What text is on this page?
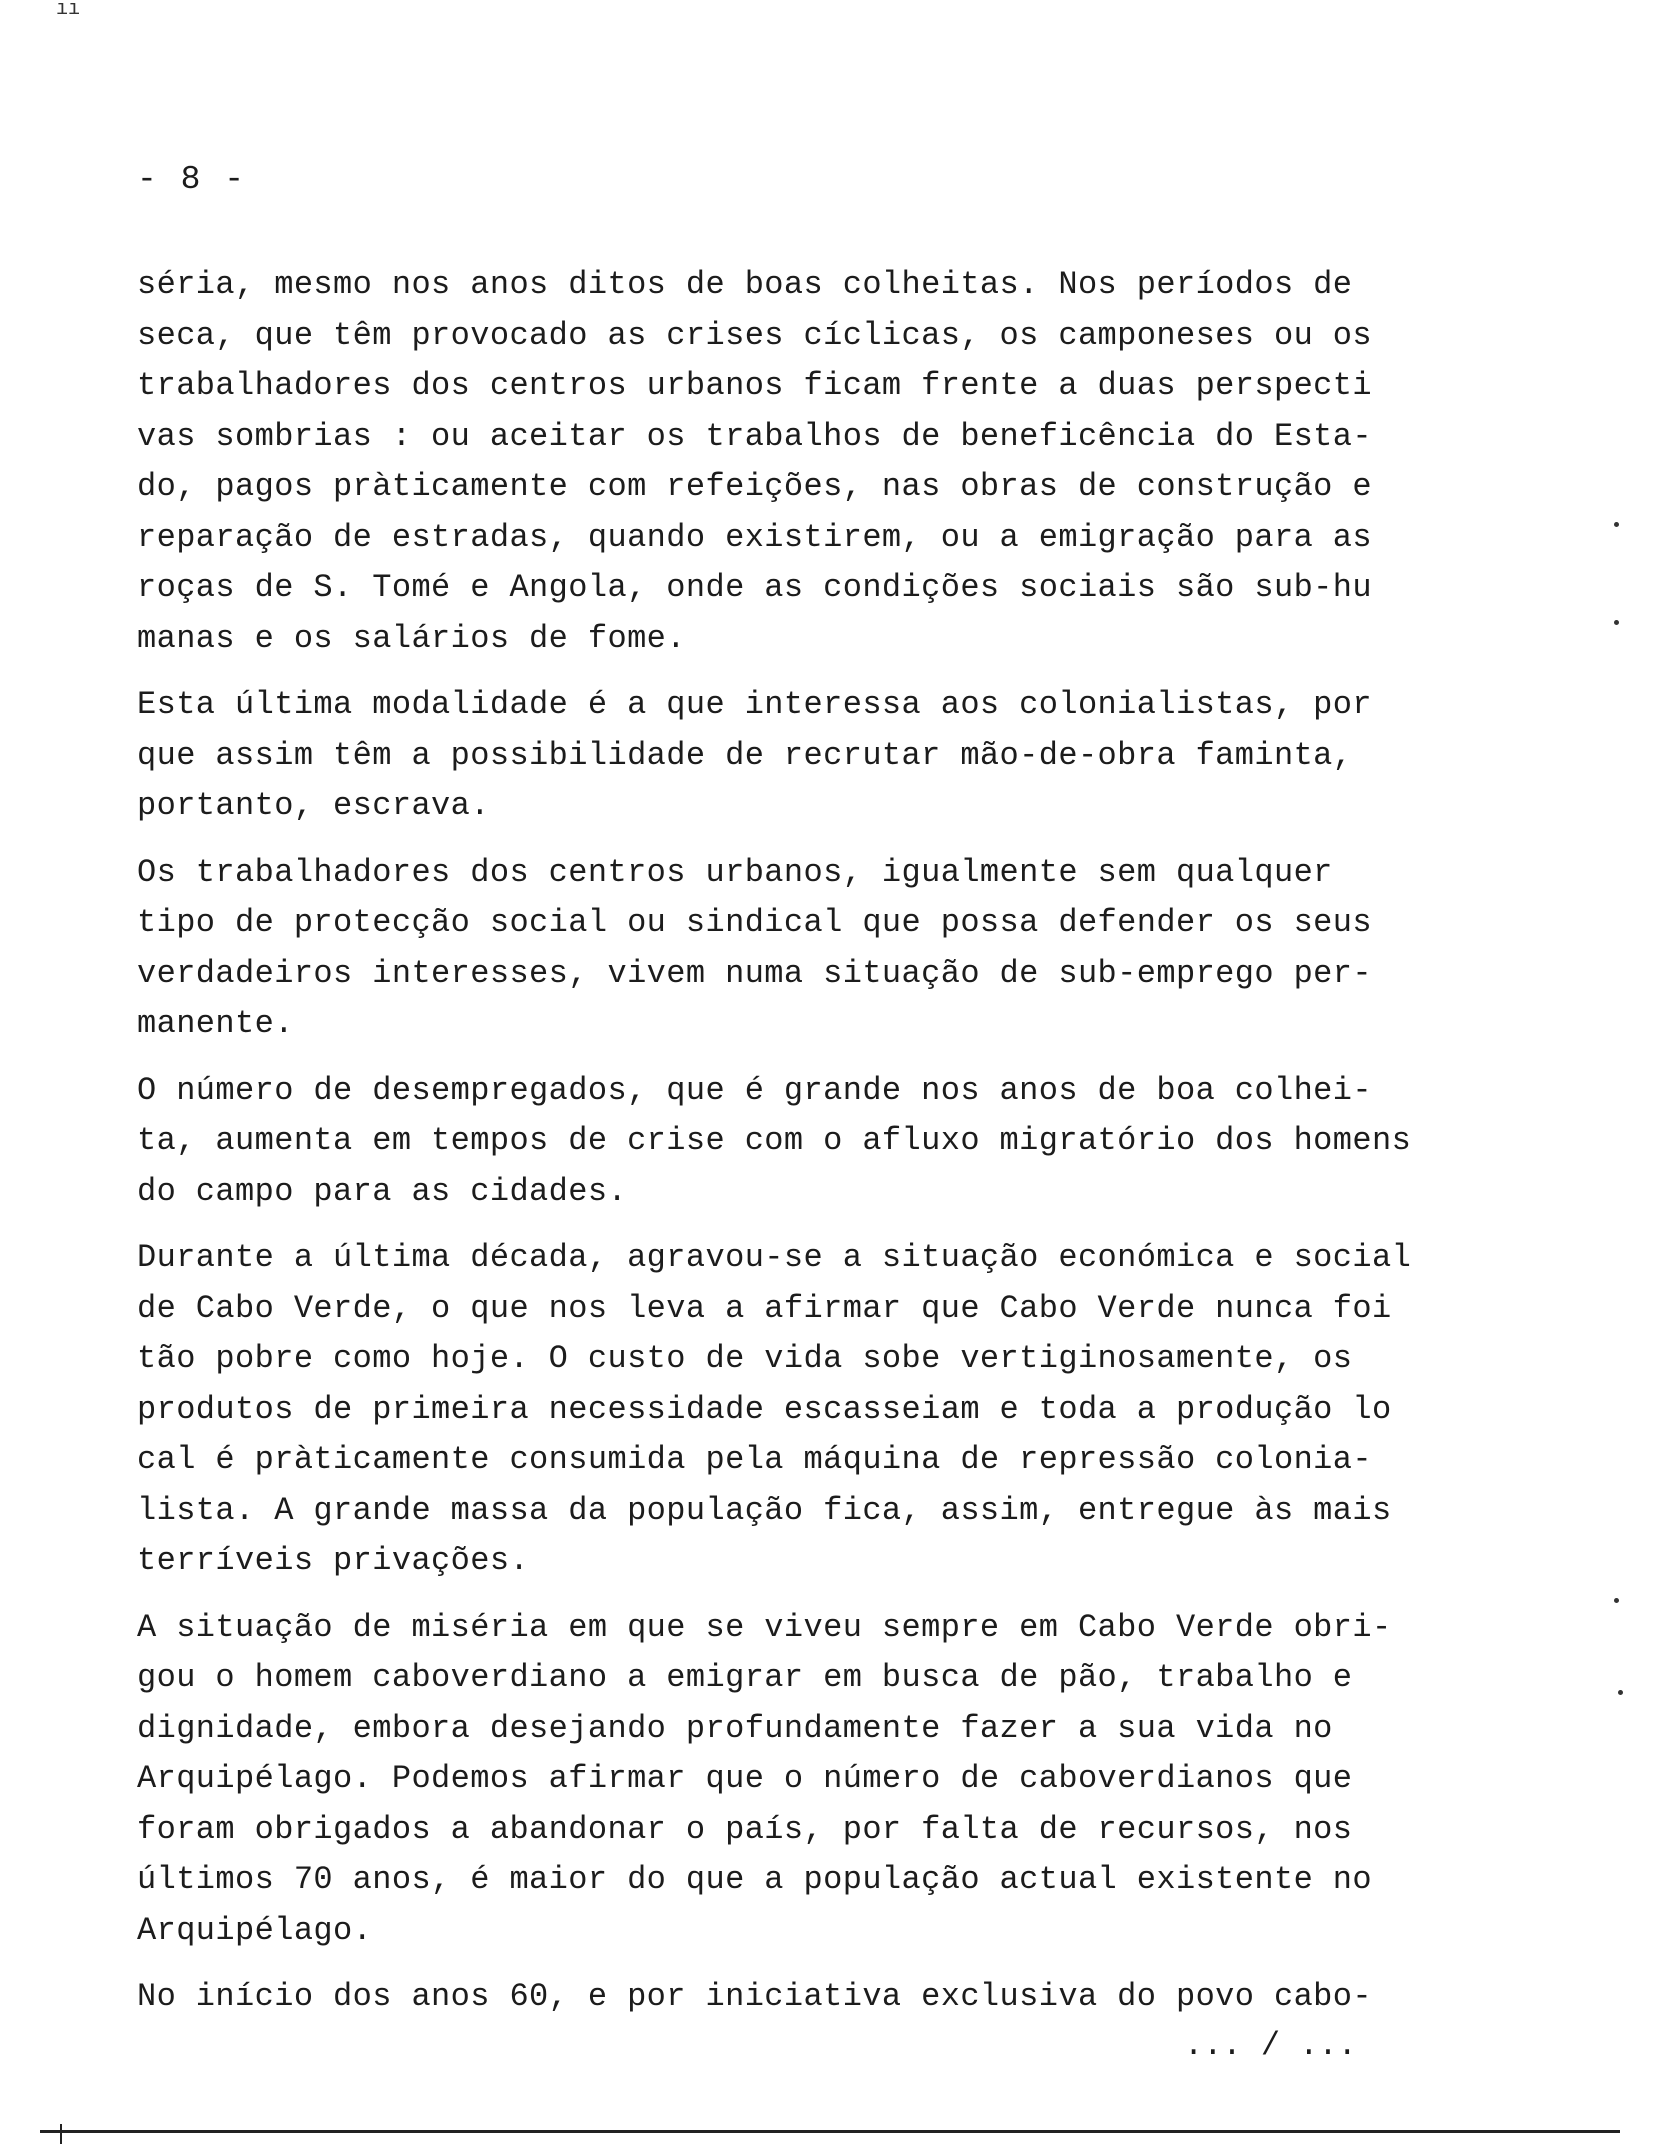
ıı
- 8 -
séria, mesmo nos anos ditos de boas colheitas. Nos períodos de
seca, que têm provocado as crises cíclicas, os camponeses ou os
trabalhadores dos centros urbanos ficam frente a duas perspecti
vas sombrias : ou aceitar os trabalhos de beneficência do Esta-
do, pagos pràticamente com refeições, nas obras de construção e
reparação de estradas, quando existirem, ou a emigração para as
roças de S. Tomé e Angola, onde as condições sociais são sub-hu
manas e os salários de fome.
Esta última modalidade é a que interessa aos colonialistas, por
que assim têm a possibilidade de recrutar mão-de-obra faminta,
portanto, escrava.
Os trabalhadores dos centros urbanos, igualmente sem qualquer
tipo de protecção social ou sindical que possa defender os seus
verdadeiros interesses, vivem numa situação de sub-emprego per-
manente.
O número de desempregados, que é grande nos anos de boa colhei-
ta, aumenta em tempos de crise com o afluxo migratório dos homens
do campo para as cidades.
Durante a última década, agravou-se a situação económica e social
de Cabo Verde, o que nos leva a afirmar que Cabo Verde nunca foi
tão pobre como hoje. O custo de vida sobe vertiginosamente, os
produtos de primeira necessidade escasseiam e toda a produção lo
cal é pràticamente consumida pela máquina de repressão colonia-
lista. A grande massa da população fica, assim, entregue às mais
terríveis privações.
A situação de miséria em que se viveu sempre em Cabo Verde obri-
gou o homem caboverdiano a emigrar em busca de pão, trabalho e
dignidade, embora desejando profundamente fazer a sua vida no
Arquipélago. Podemos afirmar que o número de caboverdianos que
foram obrigados a abandonar o país, por falta de recursos, nos
últimos 70 anos, é maior do que a população actual existente no
Arquipélago.
No início dos anos 60, e por iniciativa exclusiva do povo cabo-
... / ...
